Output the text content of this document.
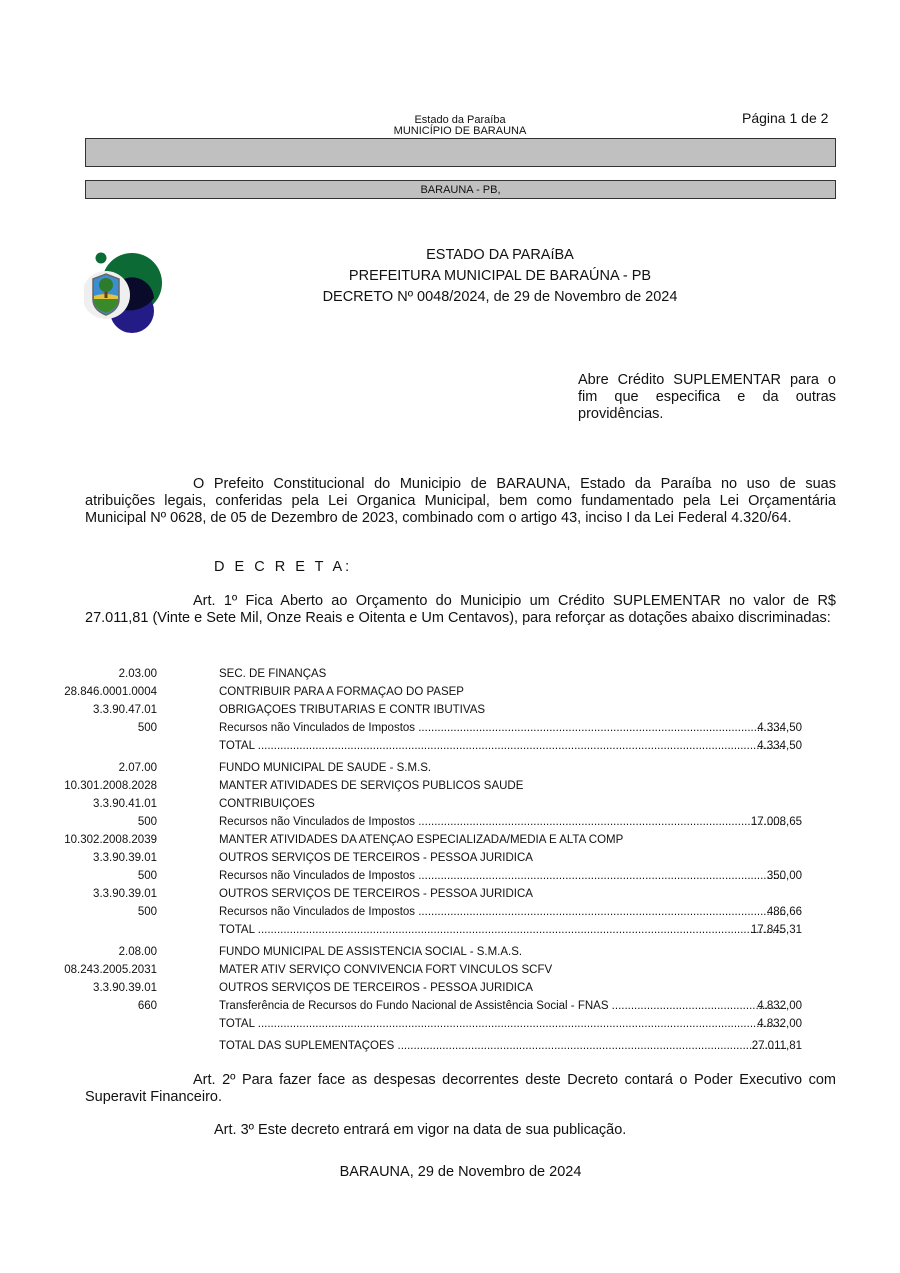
Estado da Paraíba
MUNICÍPIO DE BARAUNA
Página 1 de 2
BARAUNA - PB,
ESTADO DA PARAíBA
PREFEITURA MUNICIPAL DE BARAÚNA - PB
DECRETO Nº 0048/2024, de 29 de Novembro de 2024
Abre Crédito SUPLEMENTAR para o fim que especifica e da outras providências.
O Prefeito Constitucional do Municipio de BARAUNA, Estado da Paraíba no uso de suas atribuições legais, conferidas pela Lei Organica Municipal, bem como fundamentado pela Lei Orçamentária Municipal Nº 0628, de 05 de Dezembro de 2023, combinado com o artigo 43, inciso I da Lei Federal 4.320/64.
D E C R E T A:
Art. 1º Fica Aberto ao Orçamento do Municipio um Crédito SUPLEMENTAR no valor de R$ 27.011,81 (Vinte e Sete Mil, Onze Reais e Oitenta e Um Centavos), para reforçar as dotações abaixo discriminadas:
2.03.00	SEC. DE FINANÇAS
28.846.0001.0004	CONTRIBUIR PARA A FORMAÇÃO DO PASEP
3.3.90.47.01	OBRIGAÇÕES TRIBUTÁRIAS E CONTR IBUTIVAS
500	Recursos não Vinculados de Impostos .....	4.334,50
TOTAL .....	4.334,50
2.07.00	FUNDO MUNICIPAL DE SAÚDE - S.M.S.
10.301.2008.2028	MANTER ATIVIDADES DE SERVIÇOS PÚBLICOS SAÚDE
3.3.90.41.01	CONTRIBUIÇÕES
500	Recursos não Vinculados de Impostos .....	17.008,65
10.302.2008.2039	MANTER ATIVIDADES DA ATENÇÃO ESPECIALIZADA/MÉDIA E ALTA COMP
3.3.90.39.01	OUTROS SERVIÇOS DE TERCEIROS - PESSOA JURÍDICA
500	Recursos não Vinculados de Impostos .....	350,00
3.3.90.39.01	OUTROS SERVIÇOS DE TERCEIROS - PESSOA JURÍDICA
500	Recursos não Vinculados de Impostos .....	486,66
TOTAL .....	17.845,31
2.08.00	FUNDO MUNICIPAL DE ASSISTÊNCIA SOCIAL - S.M.A.S.
08.243.2005.2031	MATER ATIV SERVIÇO CONVIVÊNCIA FORT VINCULOS SCFV
3.3.90.39.01	OUTROS SERVIÇOS DE TERCEIROS - PESSOA JURÍDICA
660	Transferência de Recursos do Fundo Nacional de Assistência Social - FNAS .....	4.832,00
TOTAL .....	4.832,00
TOTAL DAS SUPLEMENTAÇÕES .....	27.011,81
Art. 2º Para fazer face as despesas decorrentes deste Decreto contará o Poder Executivo com Superavit Financeiro.
Art. 3º Este decreto entrará em vigor na data de sua publicação.
BARAUNA, 29 de Novembro de 2024
